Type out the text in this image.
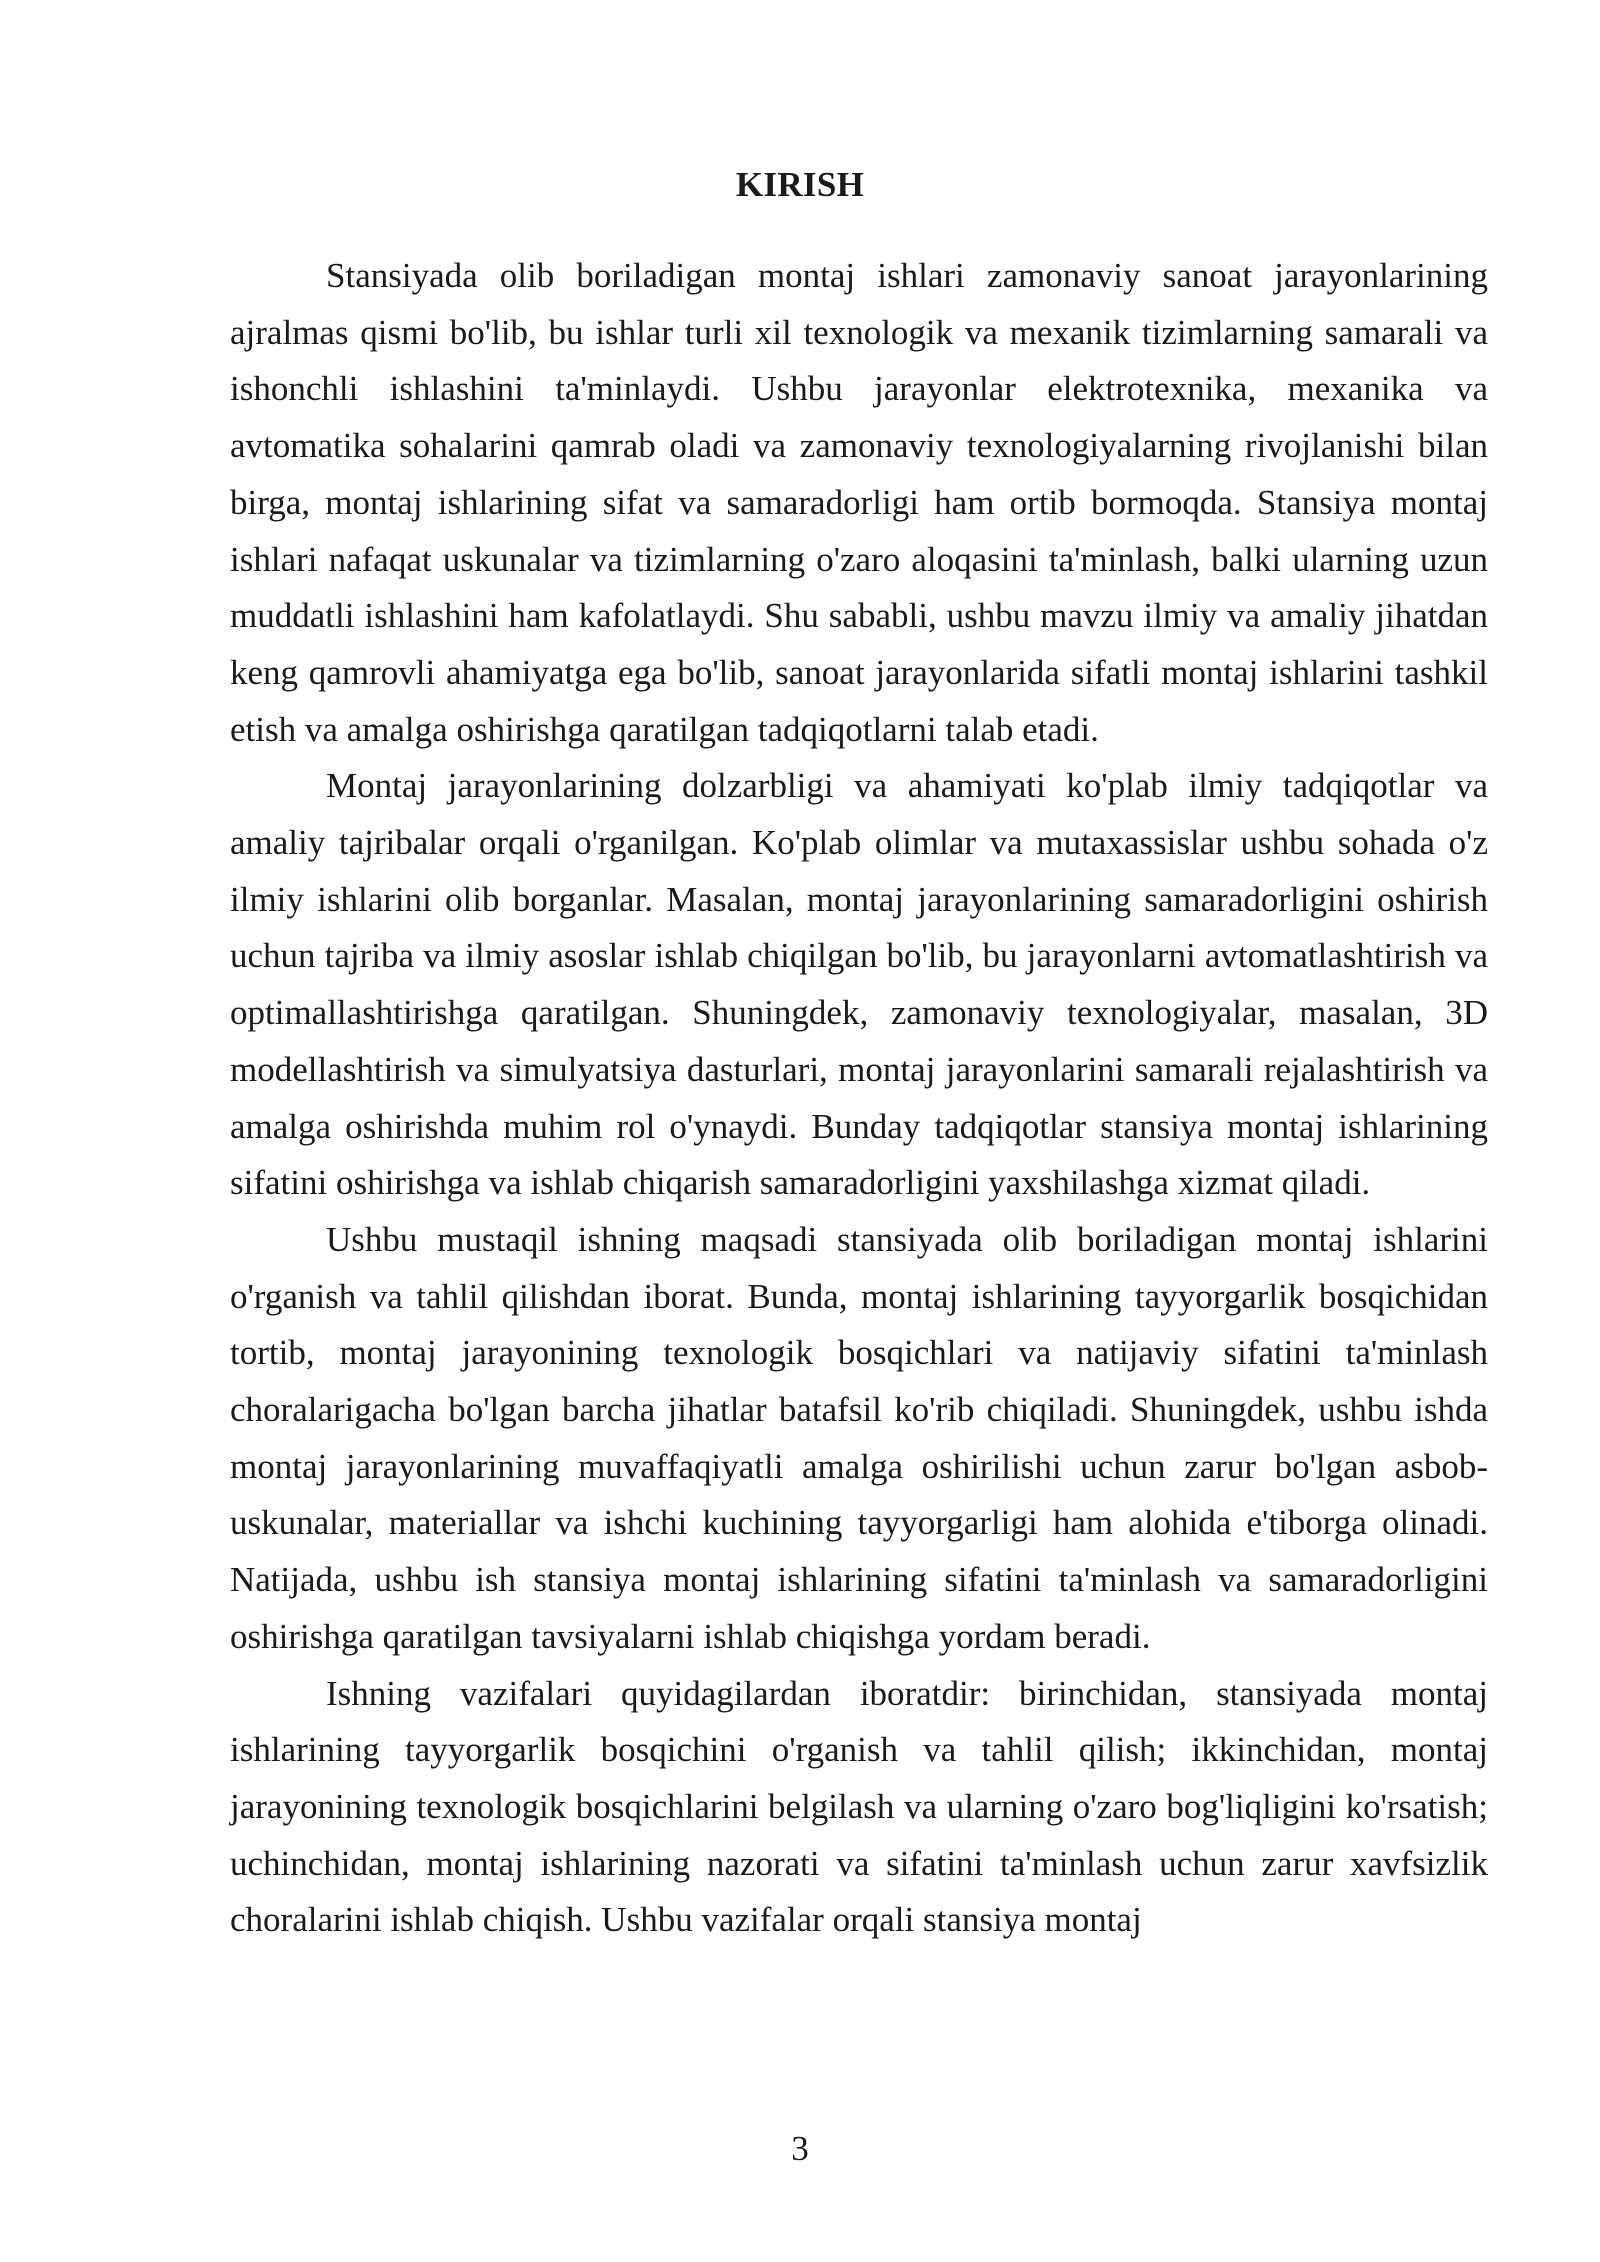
KIRISH

Stansiyada olib boriladigan montaj ishlari zamonaviy sanoat jarayonlarining ajralmas qismi bo'lib, bu ishlar turli xil texnologik va mexanik tizimlarning samarali va ishonchli ishlashini ta'minlaydi. Ushbu jarayonlar elektrotexnika, mexanika va avtomatika sohalarini qamrab oladi va zamonaviy texnologiyalarning rivojlanishi bilan birga, montaj ishlarining sifat va samaradorligi ham ortib bormoqda. Stansiya montaj ishlari nafaqat uskunalar va tizimlarning o'zaro aloqasini ta'minlash, balki ularning uzun muddatli ishlashini ham kafolatlaydi. Shu sababli, ushbu mavzu ilmiy va amaliy jihatdan keng qamrovli ahamiyatga ega bo'lib, sanoat jarayonlarida sifatli montaj ishlarini tashkil etish va amalga oshirishga qaratilgan tadqiqotlarni talab etadi.

Montaj jarayonlarining dolzarbligi va ahamiyati ko'plab ilmiy tadqiqotlar va amaliy tajribalar orqali o'rganilgan. Ko'plab olimlar va mutaxassislar ushbu sohada o'z ilmiy ishlarini olib borganlar. Masalan, montaj jarayonlarining samaradorligini oshirish uchun tajriba va ilmiy asoslar ishlab chiqilgan bo'lib, bu jarayonlarni avtomatlashtirish va optimallashtirishga qaratilgan. Shuningdek, zamonaviy texnologiyalar, masalan, 3D modellashtirish va simulyatsiya dasturlari, montaj jarayonlarini samarali rejalashtirish va amalga oshirishda muhim rol o'ynaydi. Bunday tadqiqotlar stansiya montaj ishlarining sifatini oshirishga va ishlab chiqarish samaradorligini yaxshilashga xizmat qiladi.

Ushbu mustaqil ishning maqsadi stansiyada olib boriladigan montaj ishlarini o'rganish va tahlil qilishdan iborat. Bunda, montaj ishlarining tayyorgarlik bosqichidan tortib, montaj jarayonining texnologik bosqichlari va natijaviy sifatini ta'minlash choralarigacha bo'lgan barcha jihatlar batafsil ko'rib chiqiladi. Shuningdek, ushbu ishda montaj jarayonlarining muvaffaqiyatli amalga oshirilishi uchun zarur bo'lgan asbob-uskunalar, materiallar va ishchi kuchining tayyorgarligi ham alohida e'tiborga olinadi. Natijada, ushbu ish stansiya montaj ishlarining sifatini ta'minlash va samaradorligini oshirishga qaratilgan tavsiyalarni ishlab chiqishga yordam beradi.

Ishning vazifalari quyidagilardan iboratdir: birinchidan, stansiyada montaj ishlarining tayyorgarlik bosqichini o'rganish va tahlil qilish; ikkinchidan, montaj jarayonining texnologik bosqichlarini belgilash va ularning o'zaro bog'liqligini ko'rsatish; uchinchidan, montaj ishlarining nazorati va sifatini ta'minlash uchun zarur xavfsizlik choralarini ishlab chiqish. Ushbu vazifalar orqali stansiya montaj

3
